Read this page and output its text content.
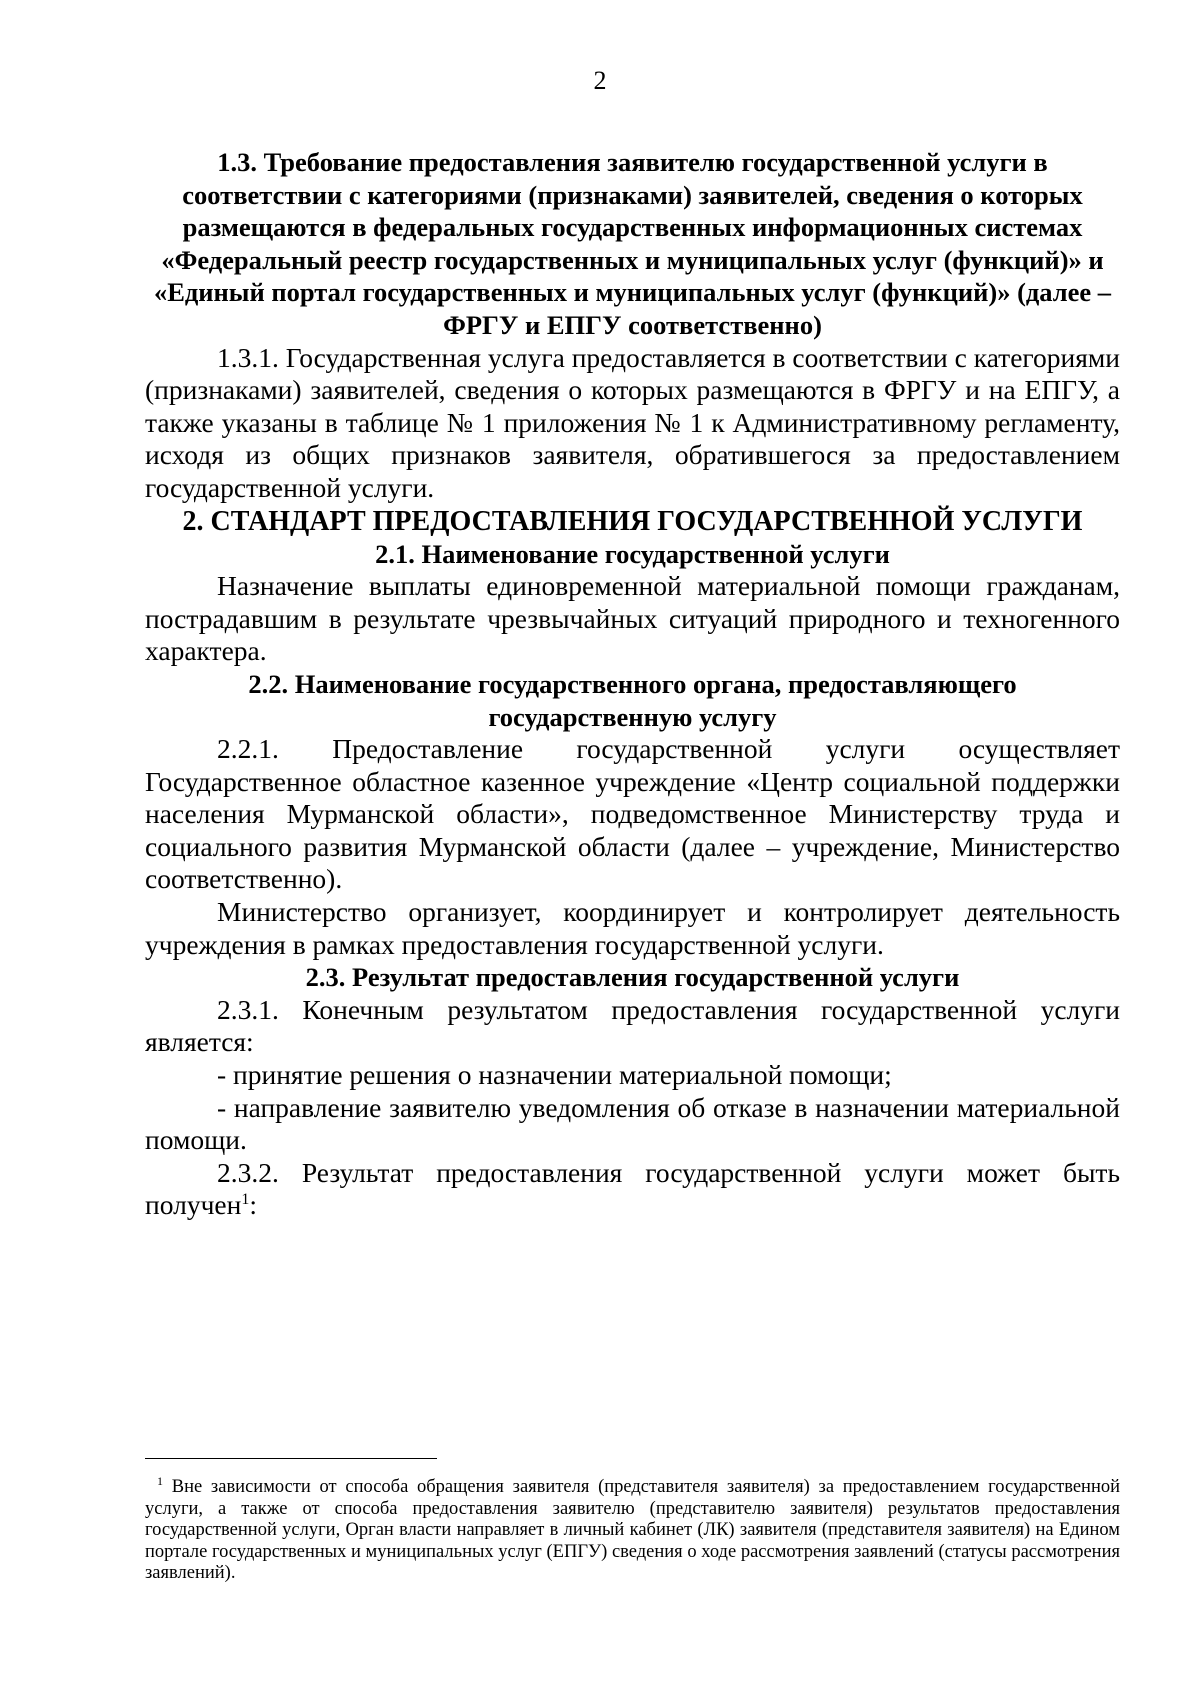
2
1.3. Требование предоставления заявителю государственной услуги в соответствии с категориями (признаками) заявителей, сведения о которых размещаются в федеральных государственных информационных системах «Федеральный реестр государственных и муниципальных услуг (функций)» и «Единый портал государственных и муниципальных услуг (функций)» (далее – ФРГУ и ЕПГУ соответственно)

1.3.1. Государственная услуга предоставляется в соответствии с категориями (признаками) заявителей, сведения о которых размещаются в ФРГУ и на ЕПГУ, а также указаны в таблице № 1 приложения № 1 к Административному регламенту, исходя из общих признаков заявителя, обратившегося за предоставлением государственной услуги.

2. СТАНДАРТ ПРЕДОСТАВЛЕНИЯ ГОСУДАРСТВЕННОЙ УСЛУГИ
2.1. Наименование государственной услуги

Назначение выплаты единовременной материальной помощи гражданам, пострадавшим в результате чрезвычайных ситуаций природного и техногенного характера.

2.2. Наименование государственного органа, предоставляющего государственную услугу

2.2.1. Предоставление государственной услуги осуществляет Государственное областное казенное учреждение «Центр социальной поддержки населения Мурманской области», подведомственное Министерству труда и социального развития Мурманской области (далее – учреждение, Министерство соответственно).

Министерство организует, координирует и контролирует деятельность учреждения в рамках предоставления государственной услуги.

2.3. Результат предоставления государственной услуги

2.3.1. Конечным результатом предоставления государственной услуги является:

- принятие решения о назначении материальной помощи;

- направление заявителю уведомления об отказе в назначении материальной помощи.

2.3.2. Результат предоставления государственной услуги может быть получен$^1$:

$^1$ Вне зависимости от способа обращения заявителя (представителя заявителя) за предоставлением государственной услуги, а также от способа предоставления заявителю (представителю заявителя) результатов предоставления государственной услуги, Орган власти направляет в личный кабинет (ЛК) заявителя (представителя заявителя) на Едином портале государственных и муниципальных услуг (ЕПГУ) сведения о ходе рассмотрения заявлений (статусы рассмотрения заявлений).
